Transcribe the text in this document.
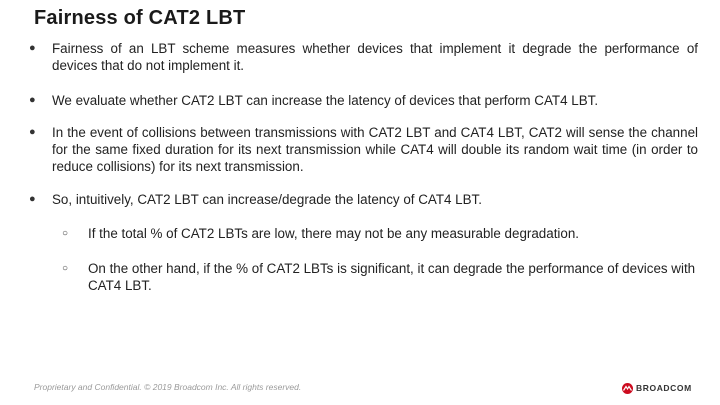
Fairness of CAT2 LBT
● Fairness of an LBT scheme measures whether devices that implement it degrade the performance of devices that do not implement it.
● We evaluate whether CAT2 LBT can increase the latency of devices that perform CAT4 LBT.
● In the event of collisions between transmissions with CAT2 LBT and CAT4 LBT, CAT2 will sense the channel for the same fixed duration for its next transmission while CAT4 will double its random wait time (in order to reduce collisions) for its next transmission.
● So, intuitively, CAT2 LBT can increase/degrade the latency of CAT4 LBT.
○ If the total % of CAT2 LBTs are low, there may not be any measurable degradation.
○ On the other hand, if the % of CAT2 LBTs is significant, it can degrade the performance of devices with CAT4 LBT.
Proprietary and Confidential. © 2019 Broadcom Inc. All rights reserved.	BROADCOM
